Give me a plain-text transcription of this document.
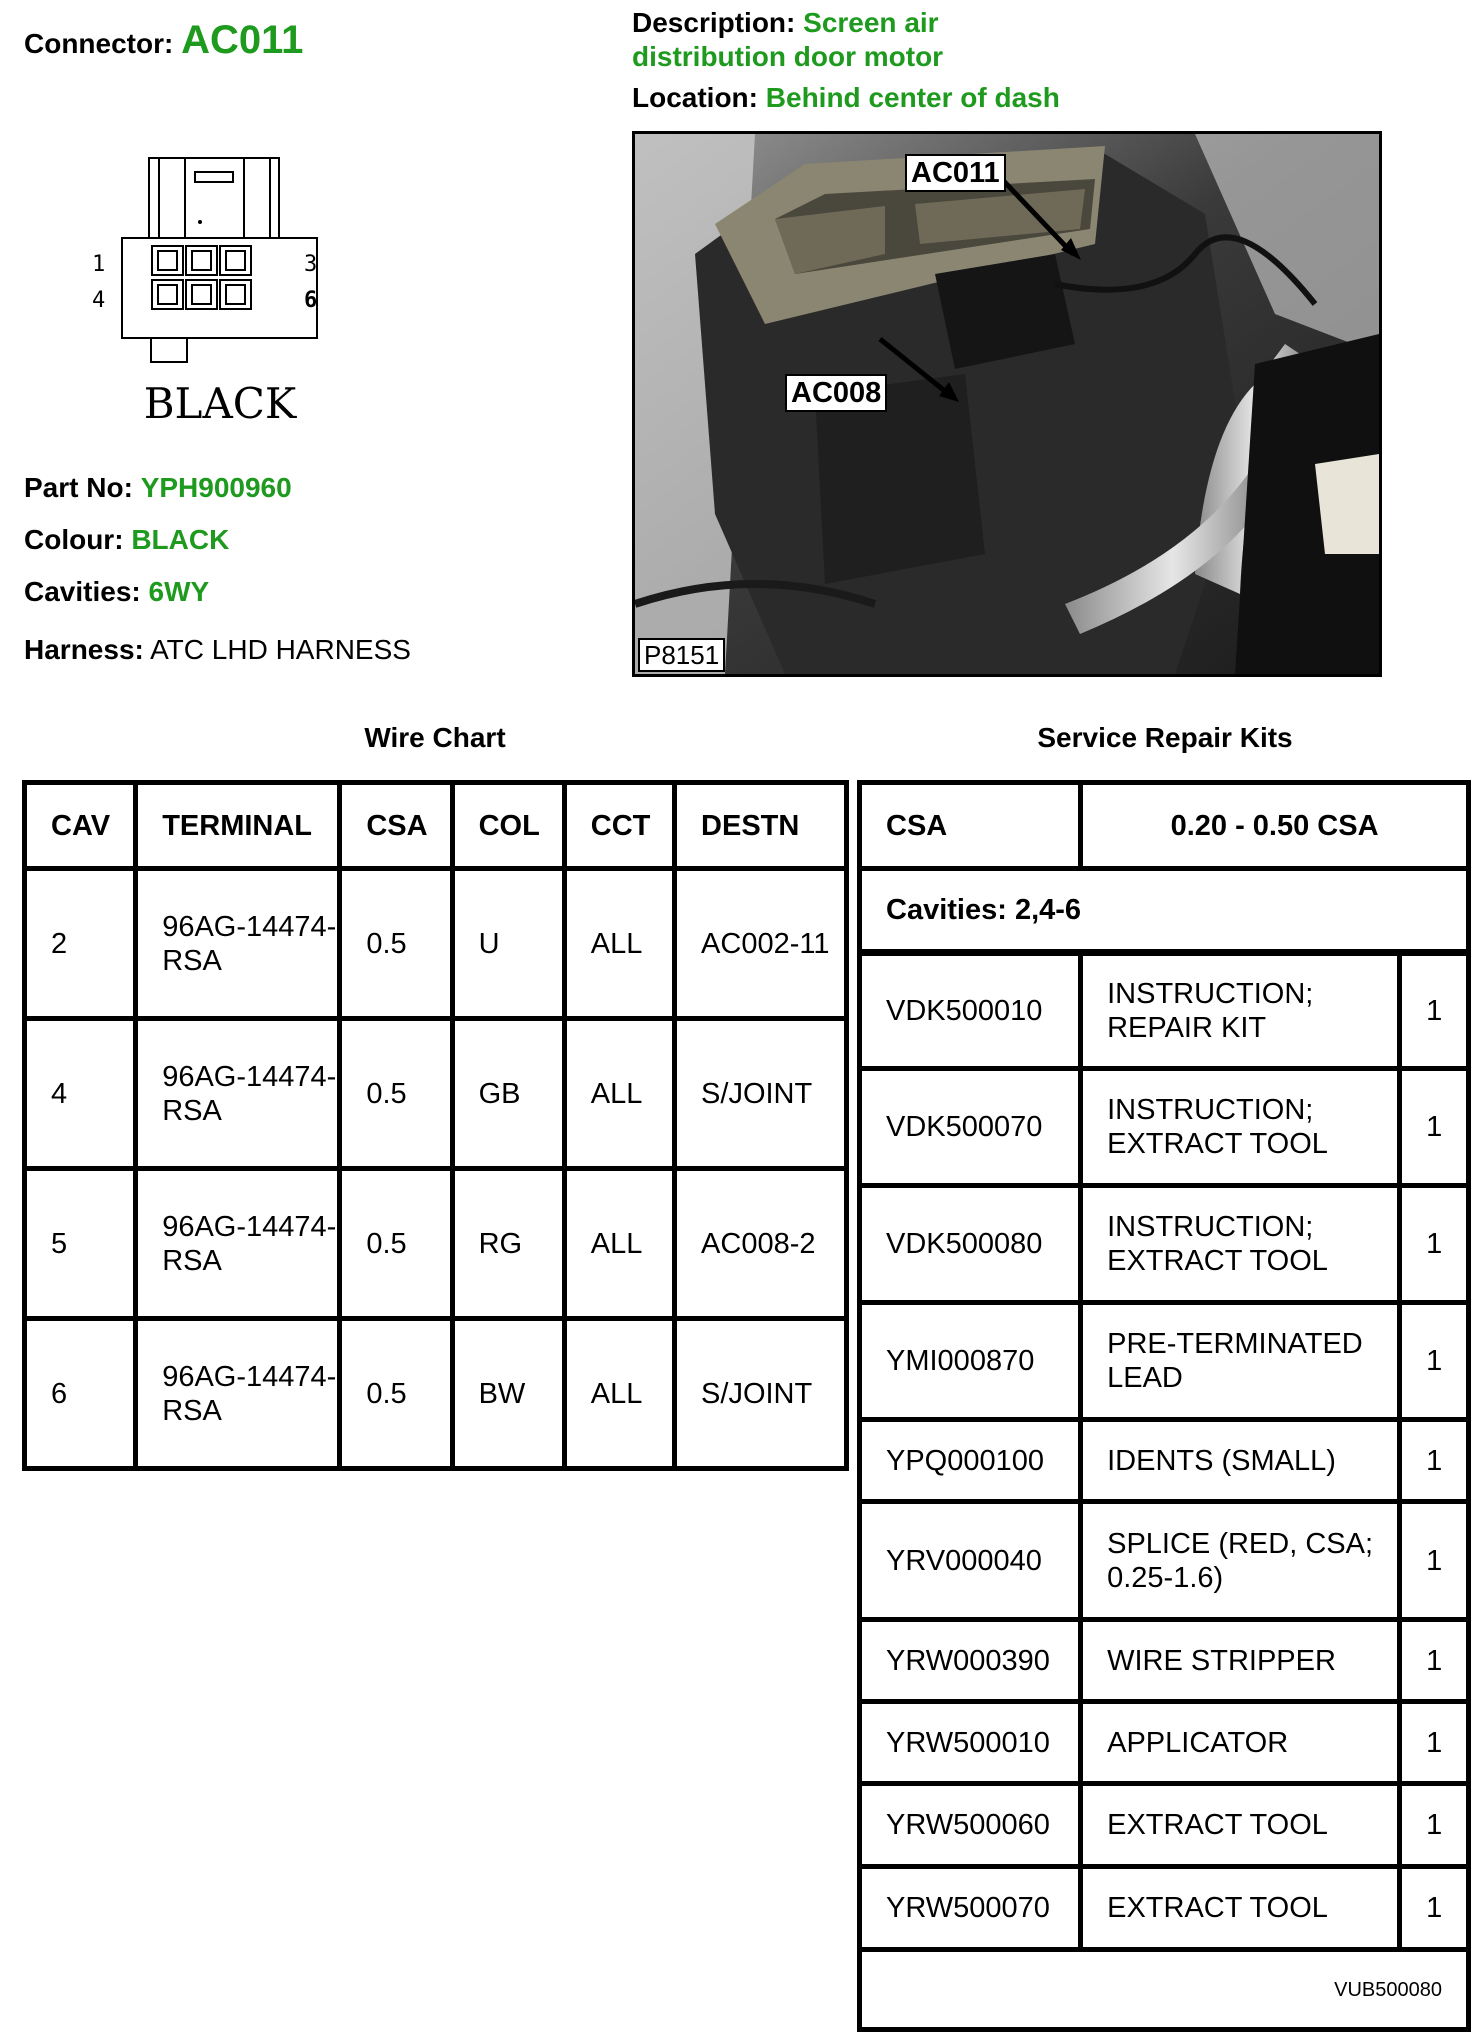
Connector: AC011	Description: Screen air
distribution door motor
Location: Behind center of dash
1
4
3
6
BLACK
Part No: YPH900960
Colour: BLACK
Cavities: 6WY
Harness: ATC LHD HARNESS
AC011
AC008
P8151
Wire Chart	Service Repair Kits
CAV	TERMINAL	CSA	COL	CCT	DESTN
2	96AG-14474-RSA	0.5	U	ALL	AC002-11
4	96AG-14474-RSA	0.5	GB	ALL	S/JOINT
5	96AG-14474-RSA	0.5	RG	ALL	AC008-2
6	96AG-14474-RSA	0.5	BW	ALL	S/JOINT
CSA	0.20 - 0.50 CSA	
Cavities: 2,4-6		
VDK500010	INSTRUCTION; REPAIR KIT	1
VDK500070	INSTRUCTION; EXTRACT TOOL	1
VDK500080	INSTRUCTION; EXTRACT TOOL	1
YMI000870	PRE-TERMINATED LEAD	1
YPQ000100	IDENTS (SMALL)	1
YRV000040	SPLICE (RED, CSA; 0.25-1.6)	1
YRW000390	WIRE STRIPPER	1
YRW500010	APPLICATOR	1
YRW500060	EXTRACT TOOL	1
YRW500070	EXTRACT TOOL	1
VUB500080		
